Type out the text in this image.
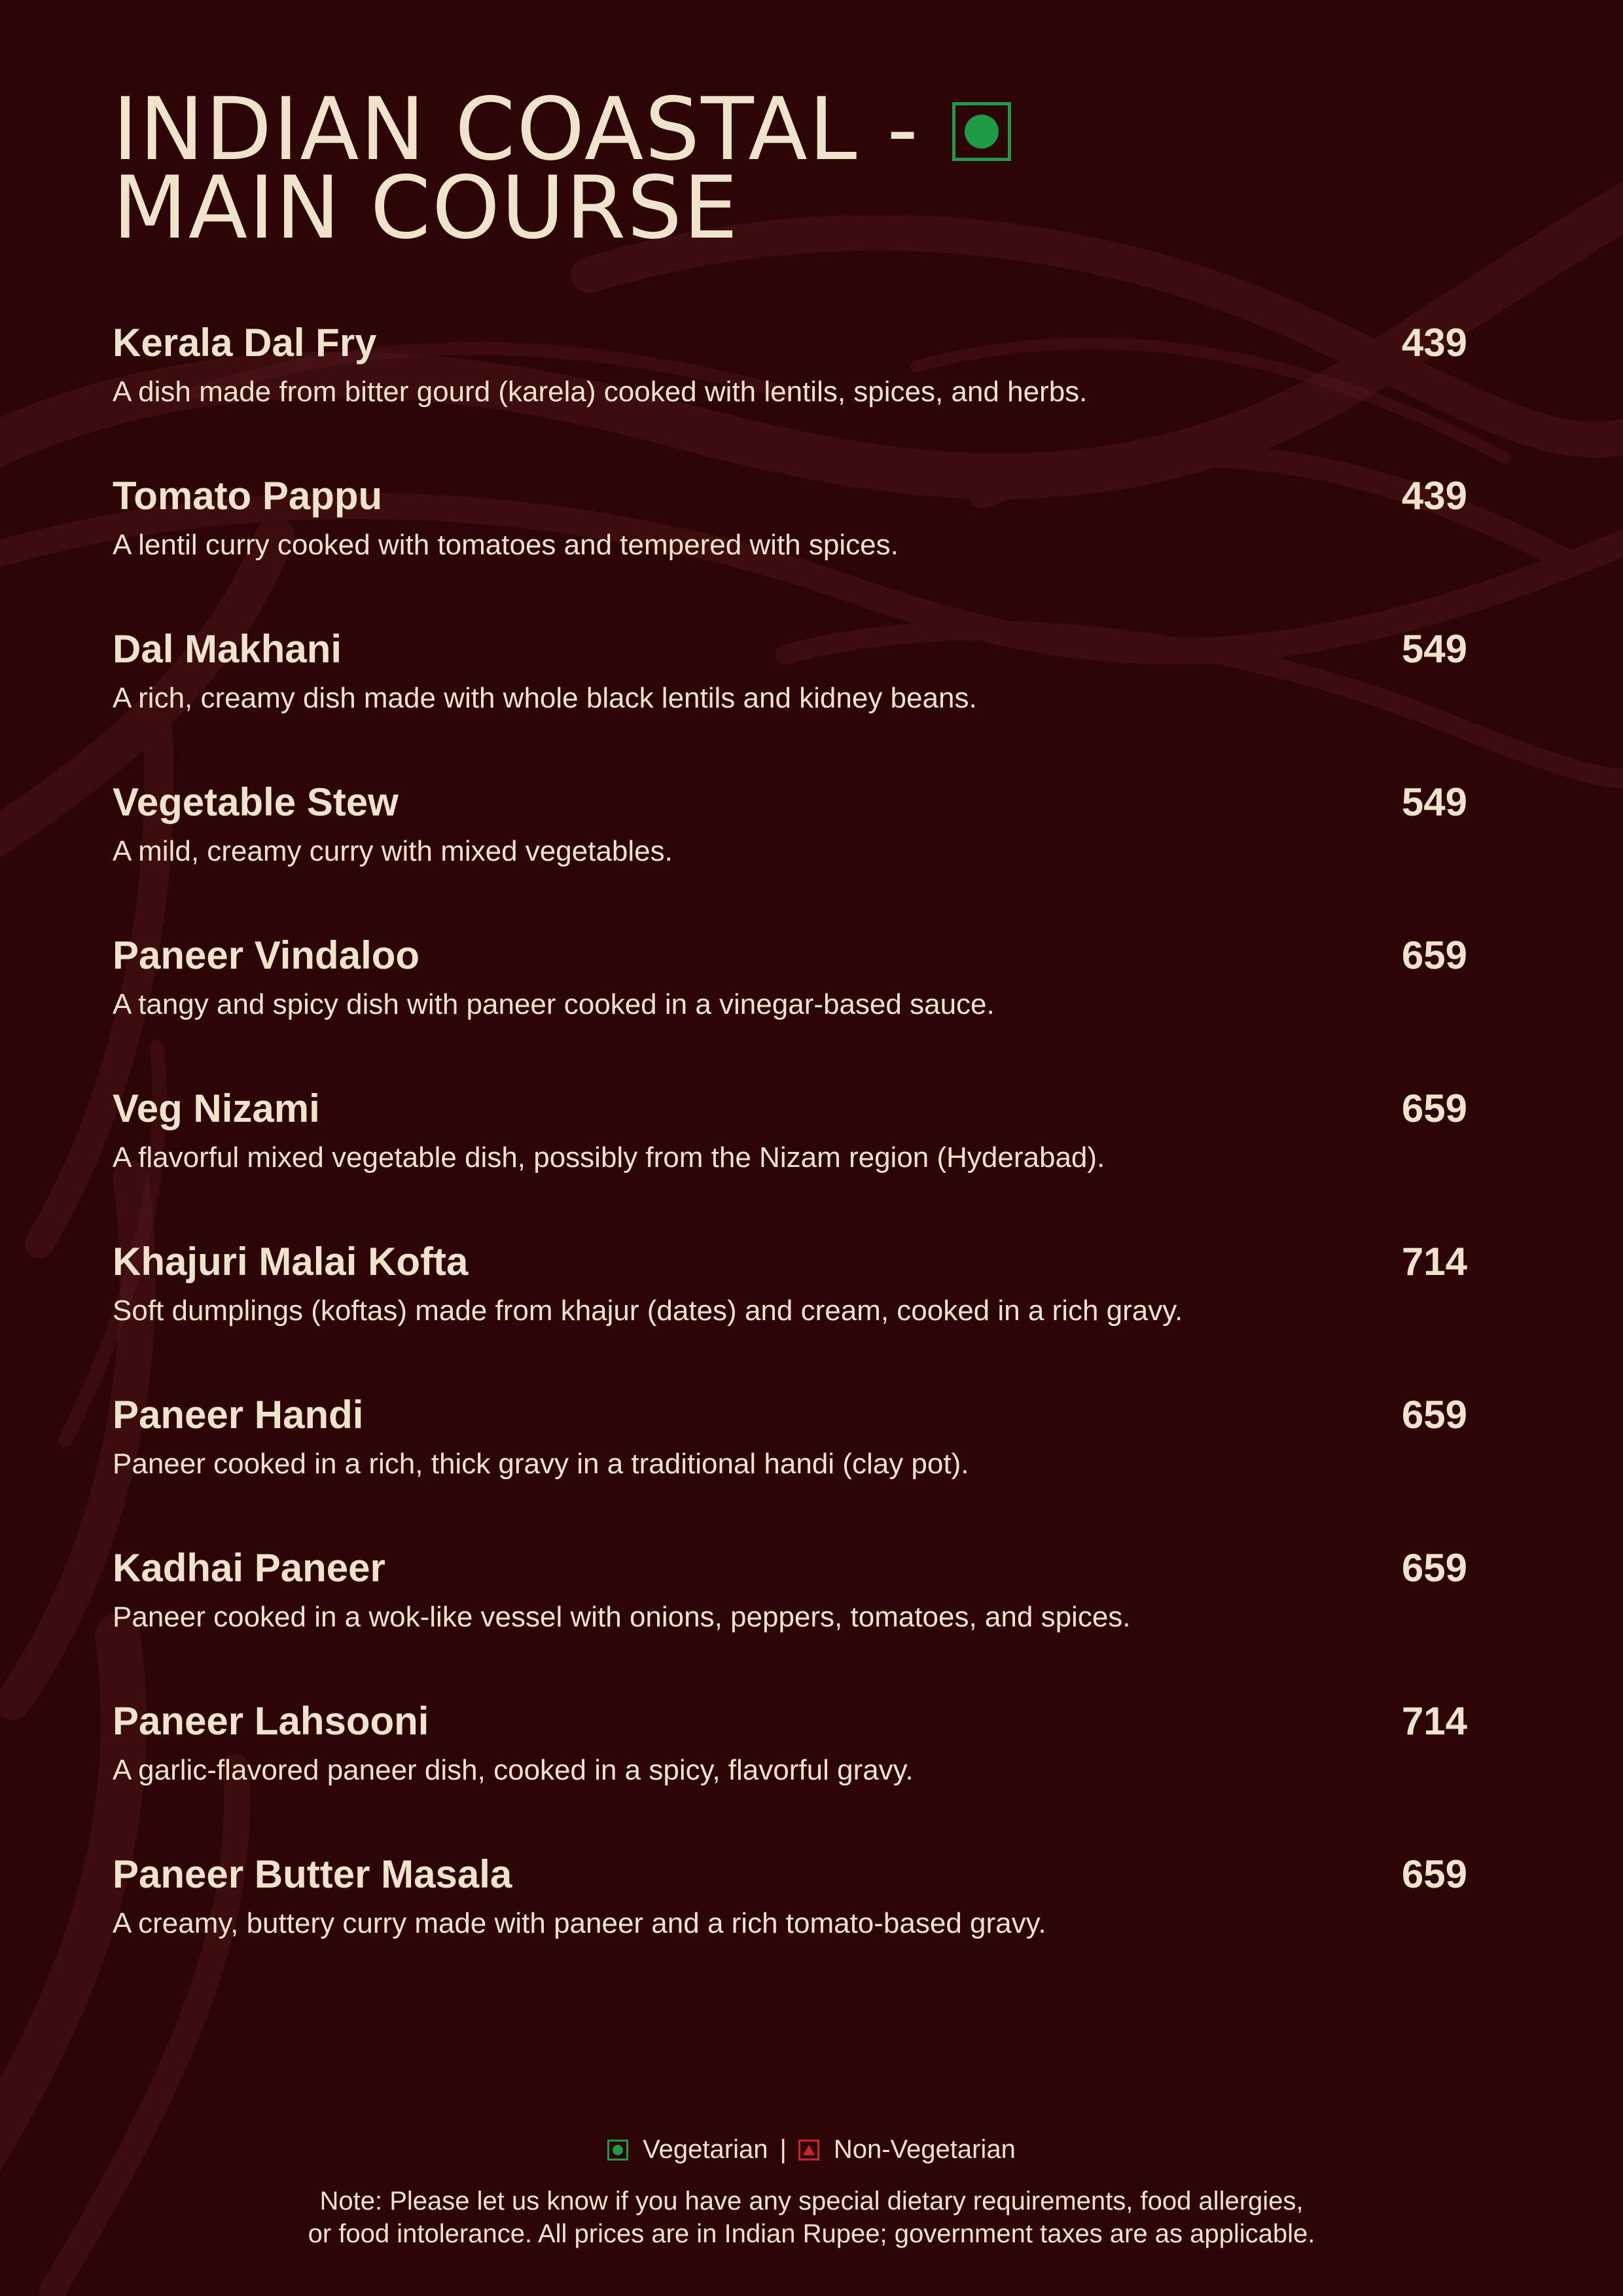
INDIAN COASTAL -
MAIN COURSE
Kerala Dal Fry	439
A dish made from bitter gourd (karela) cooked with lentils, spices, and herbs.
Tomato Pappu	439
A lentil curry cooked with tomatoes and tempered with spices.
Dal Makhani	549
A rich, creamy dish made with whole black lentils and kidney beans.
Vegetable Stew	549
A mild, creamy curry with mixed vegetables.
Paneer Vindaloo	659
A tangy and spicy dish with paneer cooked in a vinegar-based sauce.
Veg Nizami	659
A flavorful mixed vegetable dish, possibly from the Nizam region (Hyderabad).
Khajuri Malai Kofta	714
Soft dumplings (koftas) made from khajur (dates) and cream, cooked in a rich gravy.
Paneer Handi	659
Paneer cooked in a rich, thick gravy in a traditional handi (clay pot).
Kadhai Paneer	659
Paneer cooked in a wok-like vessel with onions, peppers, tomatoes, and spices.
Paneer Lahsooni	714
A garlic-flavored paneer dish, cooked in a spicy, flavorful gravy.
Paneer Butter Masala	659
A creamy, buttery curry made with paneer and a rich tomato-based gravy.
Vegetarian | Non-Vegetarian
Note: Please let us know if you have any special dietary requirements, food allergies,
or food intolerance. All prices are in Indian Rupee; government taxes are as applicable.
